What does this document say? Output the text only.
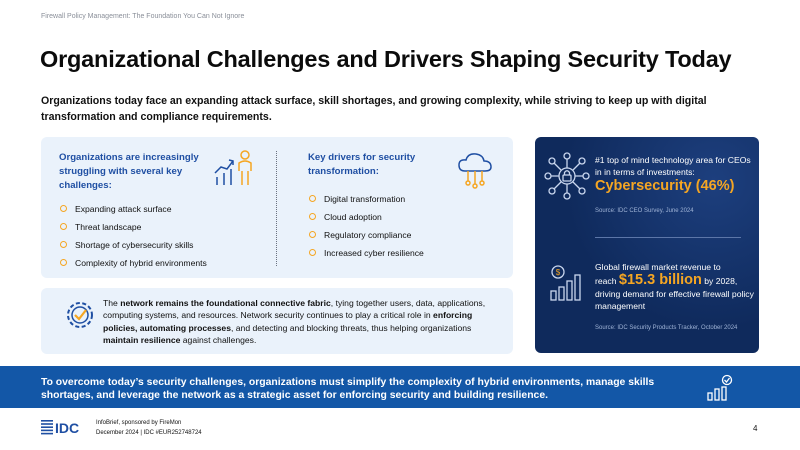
Firewall Policy Management: The Foundation You Can Not Ignore
Organizational Challenges and Drivers Shaping Security Today

Organizations today face an expanding attack surface, skill shortages, and growing complexity, while striving to keep up with digital transformation and compliance requirements.

Organizations are increasingly struggling with several key challenges:
Expanding attack surface
Threat landscape
Shortage of cybersecurity skills
Complexity of hybrid environments
Key drivers for security transformation:
Digital transformation
Cloud adoption
Regulatory compliance
Increased cyber resilience

The network remains the foundational connective fabric, tying together users, data, applications, computing systems, and resources. Network security continues to play a critical role in enforcing policies, automating processes, and detecting and blocking threats, thus helping organizations maintain resilience against challenges.

#1 top of mind technology area for CEOs in in terms of investments:
Cybersecurity (46%)
Source: IDC CEO Survey, June 2024
$
Global firewall market revenue to
reach $15.3 billion by 2028,
driving demand for effective firewall policy management
Source: IDC Security Products Tracker, October 2024

To overcome today’s security challenges, organizations must simplify the complexity of hybrid environments, manage skills shortages, and leverage the network as a strategic asset for enforcing security and building resilience.

IDC	InfoBrief, sponsored by FireMon
December 2024 | IDC #EUR252748724	4
